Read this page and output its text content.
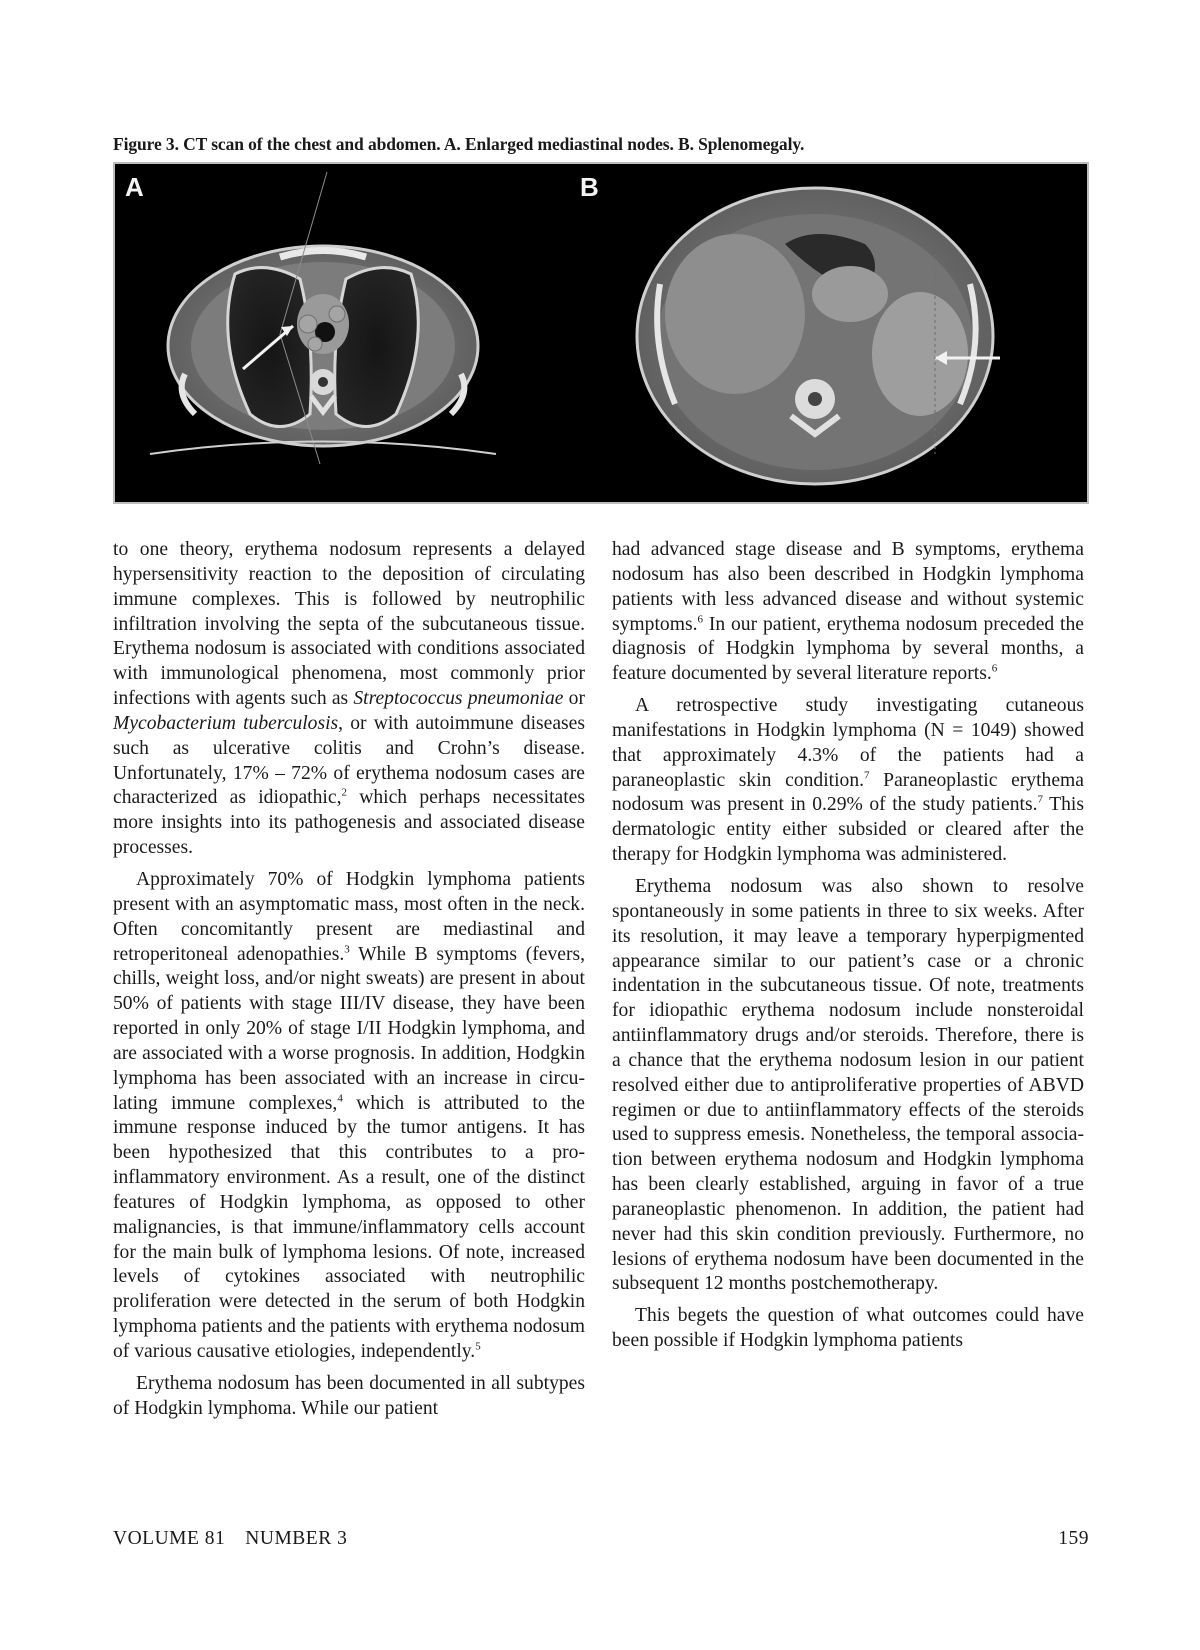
Figure 3. CT scan of the chest and abdomen. A. Enlarged mediastinal nodes. B. Splenomegaly.
A	B

to one theory, erythema nodosum represents a delayed hypersensitivity reaction to the deposition of circulating immune complexes. This is followed by neutrophilic infiltration involving the septa of the subcutaneous tissue. Erythema nodosum is associated with conditions associated with immunological phenomena, most commonly prior infections with agents such as Streptococcus pneumoniae or Mycobacterium tuberculosis, or with autoimmune diseases such as ulcerative colitis and Crohn’s disease. Unfortunately, 17% – 72% of erythema nodosum cases are characterized as idiopathic,$^2$ which perhaps necessitates more insights into its pathogenesis and associated disease processes.

Approximately 70% of Hodgkin lymphoma patients present with an asymptomatic mass, most often in the neck. Often concomitantly present are mediastinal and retroperitoneal adenopathies.$^3$ While B symptoms (fevers, chills, weight loss, and/or night sweats) are present in about 50% of patients with stage III/IV disease, they have been reported in only 20% of stage I/II Hodgkin lymphoma, and are associated with a worse prognosis. In addition, Hodgkin lymphoma has been associated with an increase in circulating immune complexes,$^4$ which is attributed to the immune response induced by the tumor antigens. It has been hypothesized that this contributes to a proinflammatory environment. As a result, one of the distinct features of Hodgkin lymphoma, as opposed to other malignancies, is that immune/inflammatory cells account for the main bulk of lymphoma lesions. Of note, increased levels of cytokines associated with neutrophilic proliferation were detected in the serum of both Hodgkin lymphoma patients and the patients with erythema nodosum of various causative etiologies, independently.$^5$

Erythema nodosum has been documented in all subtypes of Hodgkin lymphoma. While our patient

had advanced stage disease and B symptoms, erythema nodosum has also been described in Hodgkin lymphoma patients with less advanced disease and without systemic symptoms.$^6$ In our patient, erythema nodosum preceded the diagnosis of Hodgkin lymphoma by several months, a feature documented by several literature reports.$^6$

A retrospective study investigating cutaneous manifestations in Hodgkin lymphoma (N = 1049) showed that approximately 4.3% of the patients had a paraneoplastic skin condition.$^7$ Paraneoplastic erythema nodosum was present in 0.29% of the study patients.$^7$ This dermatologic entity either subsided or cleared after the therapy for Hodgkin lymphoma was administered.

Erythema nodosum was also shown to resolve spontaneously in some patients in three to six weeks. After its resolution, it may leave a temporary hyperpigmented appearance similar to our patient’s case or a chronic indentation in the subcutaneous tissue. Of note, treatments for idiopathic erythema nodosum include nonsteroidal antiinflammatory drugs and/or steroids. Therefore, there is a chance that the erythema nodosum lesion in our patient resolved either due to antiproliferative properties of ABVD regimen or due to antiinflammatory effects of the steroids used to suppress emesis. Nonetheless, the temporal association between erythema nodosum and Hodgkin lymphoma has been clearly established, arguing in favor of a true paraneoplastic phenomenon. In addition, the patient had never had this skin condition previously. Furthermore, no lesions of erythema nodosum have been documented in the subsequent 12 months postchemotherapy.

This begets the question of what outcomes could have been possible if Hodgkin lymphoma patients

VOLUME 81 NUMBER 3	159
